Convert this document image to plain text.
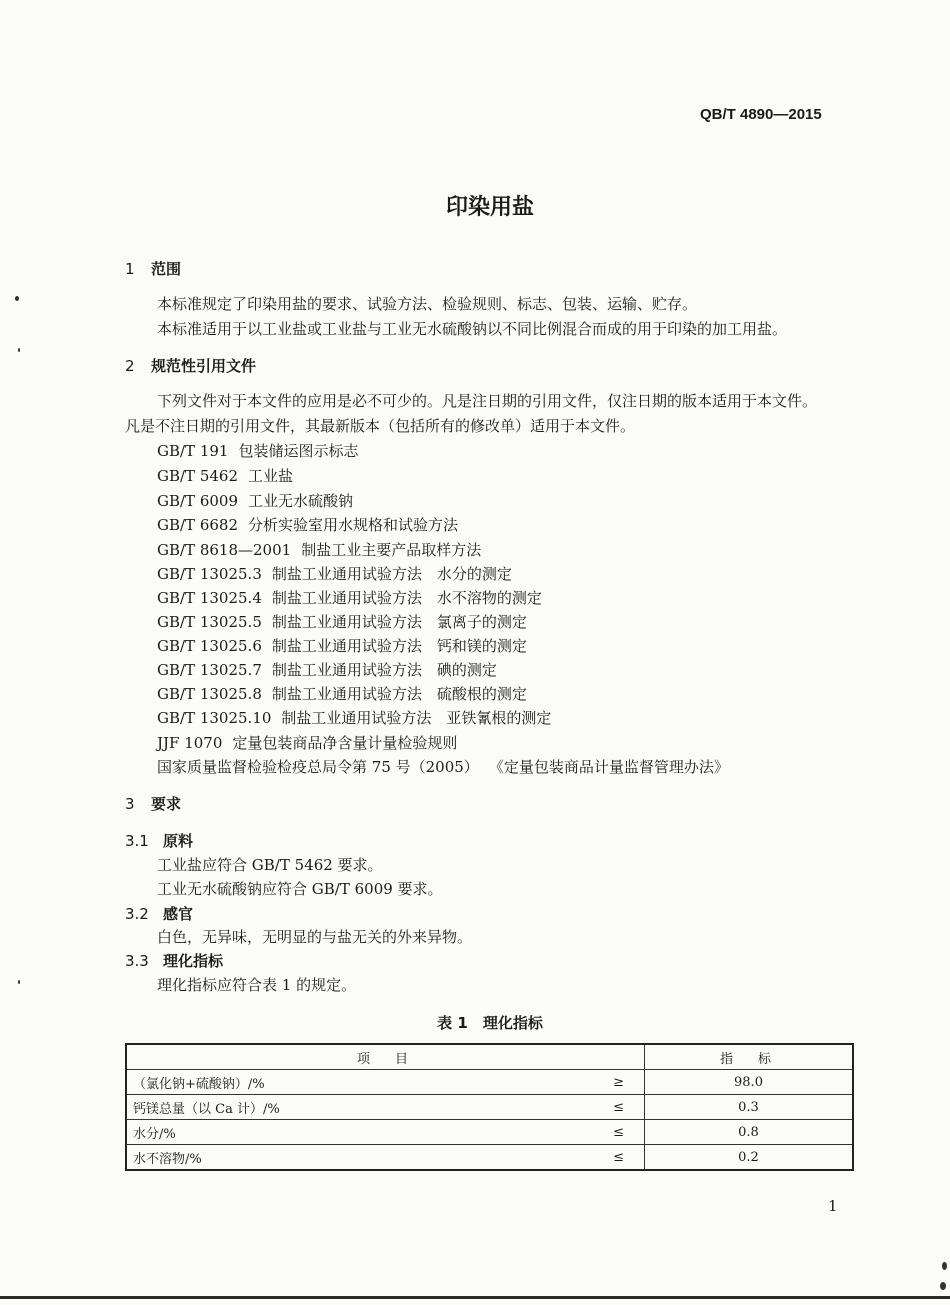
QB/T 4890—2015
印染用盐
1 范围
本标准规定了印染用盐的要求、试验方法、检验规则、标志、包装、运输、贮存。
本标准适用于以工业盐或工业盐与工业无水硫酸钠以不同比例混合而成的用于印染的加工用盐。
2 规范性引用文件
下列文件对于本文件的应用是必不可少的。凡是注日期的引用文件，仅注日期的版本适用于本文件。
凡是不注日期的引用文件，其最新版本（包括所有的修改单）适用于本文件。
GB/T 191 包装储运图示标志
GB/T 5462 工业盐
GB/T 6009 工业无水硫酸钠
GB/T 6682 分析实验室用水规格和试验方法
GB/T 8618—2001 制盐工业主要产品取样方法
GB/T 13025.3 制盐工业通用试验方法　水分的测定
GB/T 13025.4 制盐工业通用试验方法　水不溶物的测定
GB/T 13025.5 制盐工业通用试验方法　氯离子的测定
GB/T 13025.6 制盐工业通用试验方法　钙和镁的测定
GB/T 13025.7 制盐工业通用试验方法　碘的测定
GB/T 13025.8 制盐工业通用试验方法　硫酸根的测定
GB/T 13025.10 制盐工业通用试验方法　亚铁氰根的测定
JJF 1070 定量包装商品净含量计量检验规则
国家质量监督检验检疫总局令第 75 号（2005） 《定量包装商品计量监督管理办法》
3 要求
3.1 原料
工业盐应符合 GB/T 5462 要求。
工业无水硫酸钠应符合 GB/T 6009 要求。
3.2 感官
白色，无异味，无明显的与盐无关的外来异物。
3.3 理化指标
理化指标应符合表 1 的规定。
表 1　理化指标
项　目		指　标
（氯化钠+硫酸钠）/%	≥	98.0
钙镁总量（以 Ca 计）/%	≤	0.3
水分/%	≤	0.8
水不溶物/%	≤	0.2
1
